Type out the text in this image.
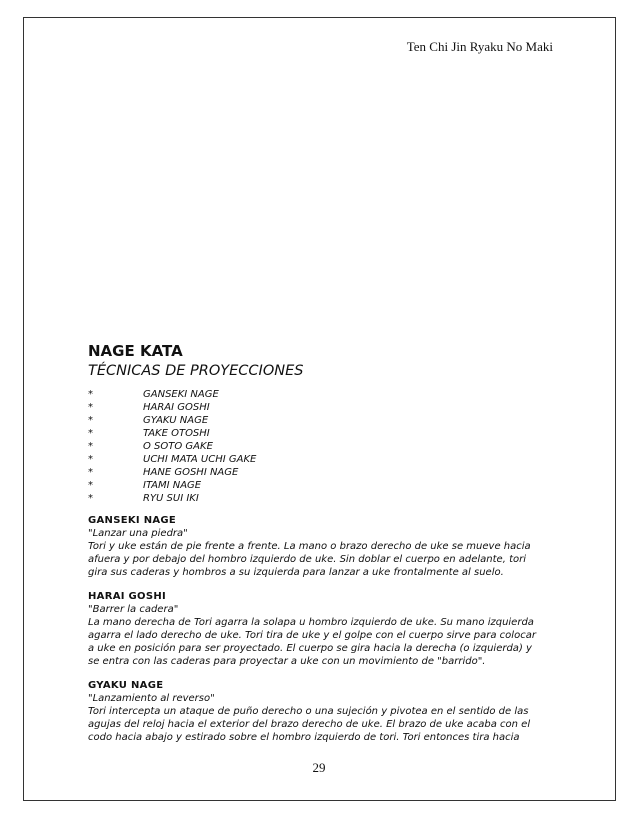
Ten Chi Jin Ryaku No Maki
NAGE KATA
TÉCNICAS DE PROYECCIONES
*	GANSEKI NAGE
*	HARAI GOSHI
*	GYAKU NAGE
*	TAKE OTOSHI
*	O SOTO GAKE
*	UCHI MATA UCHI GAKE
*	HANE GOSHI NAGE
*	ITAMI NAGE
*	RYU SUI IKI
GANSEKI NAGE
"Lanzar una piedra"
Tori y uke están de pie frente a frente. La mano o brazo derecho de uke se mueve hacia
afuera y por debajo del hombro izquierdo de uke. Sin doblar el cuerpo en adelante, tori
gira sus caderas y hombros a su izquierda para lanzar a uke frontalmente al suelo.
HARAI GOSHI
"Barrer la cadera"
La mano derecha de Tori agarra la solapa u hombro izquierdo de uke. Su mano izquierda
agarra el lado derecho de uke. Tori tira de uke y el golpe con el cuerpo sirve para colocar
a uke en posición para ser proyectado. El cuerpo se gira hacia la derecha (o izquierda) y
se entra con las caderas para proyectar a uke con un movimiento de "barrido".
GYAKU NAGE
"Lanzamiento al reverso"
Tori intercepta un ataque de puño derecho o una sujeción y pivotea en el sentido de las
agujas del reloj hacia el exterior del brazo derecho de uke. El brazo de uke acaba con el
codo hacia abajo y estirado sobre el hombro izquierdo de tori. Tori entonces tira hacia
29
